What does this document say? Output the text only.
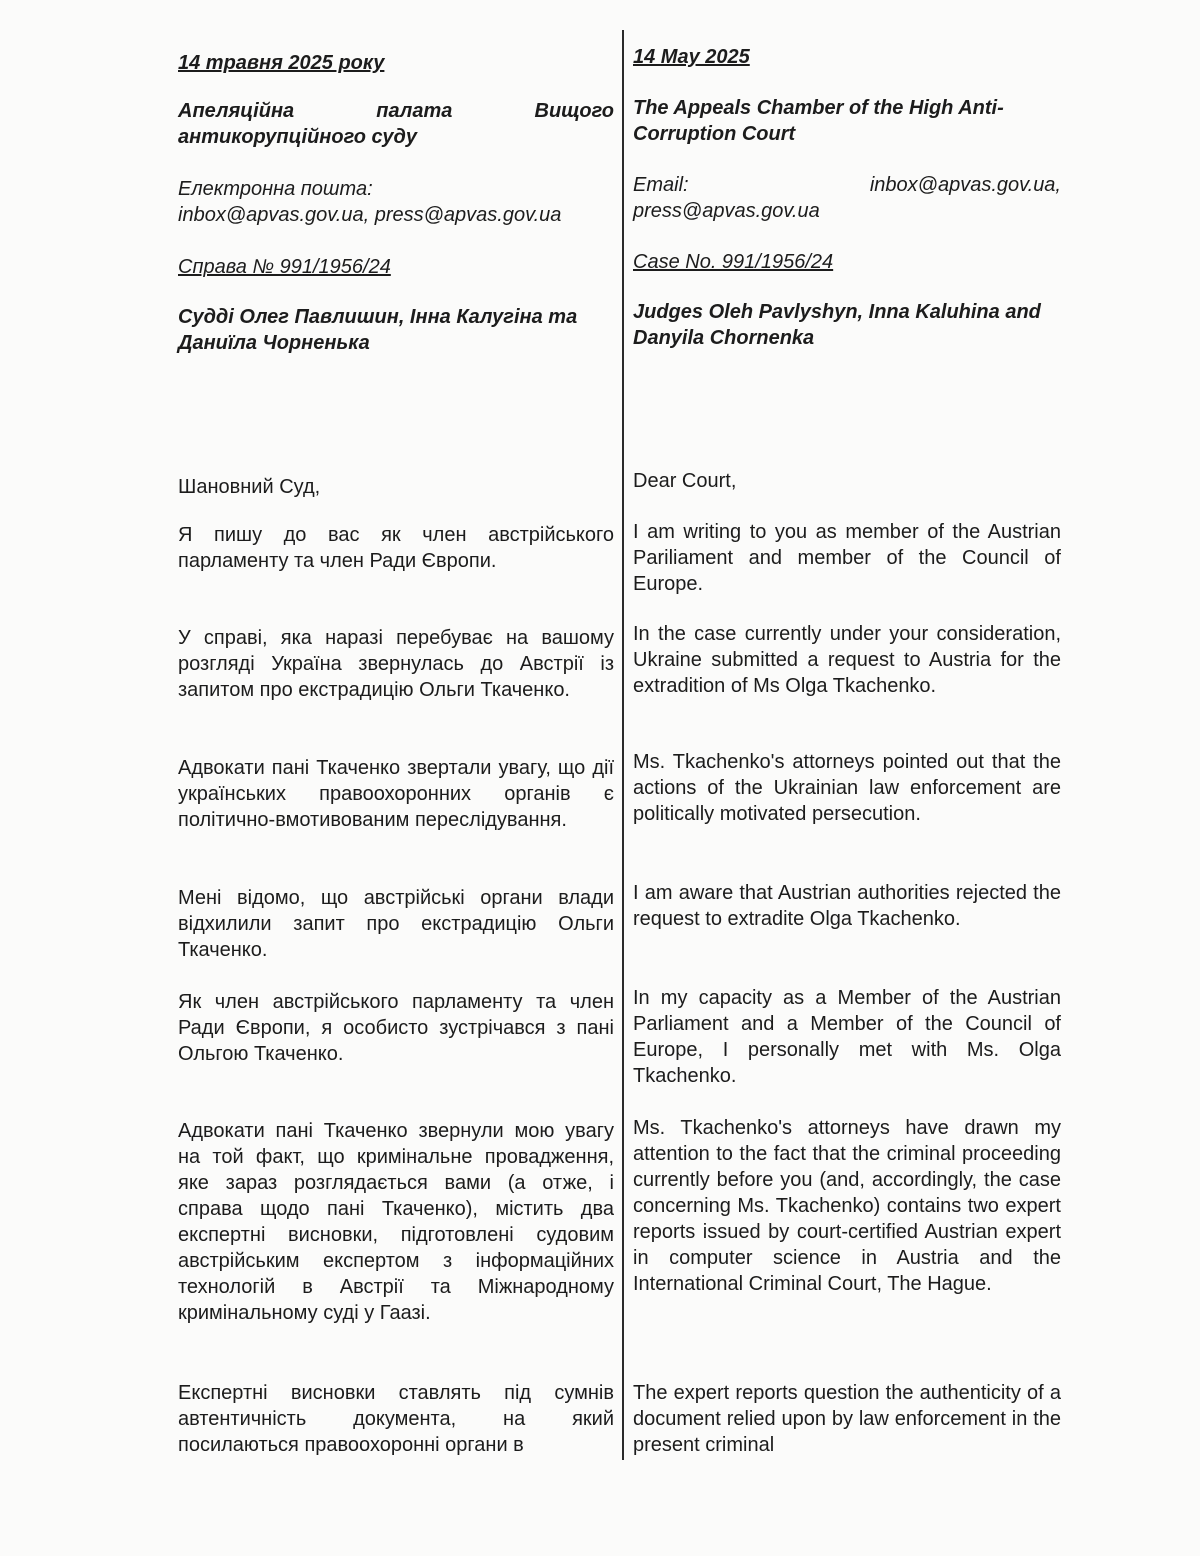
14 травня 2025 року
Апеляційна палата Вищого антикорупційного суду
Електронна пошта:
inbox@apvas.gov.ua, press@apvas.gov.ua
Справа № 991/1956/24
Судді Олег Павлишин, Інна Калугіна та Даниїла Чорненька
Шановний Суд,
Я пишу до вас як член австрійського парламенту та член Ради Європи.
У справі, яка наразі перебуває на вашому розгляді Україна звернулась до Австрії із запитом про екстрадицію Ольги Ткаченко.
Адвокати пані Ткаченко звертали увагу, що дії українських правоохоронних органів є політично-вмотивованим переслідування.
Мені відомо, що австрійські органи влади відхилили запит про екстрадицію Ольги Ткаченко.
Як член австрійського парламенту та член Ради Європи, я особисто зустрічався з пані Ольгою Ткаченко.
Адвокати пані Ткаченко звернули мою увагу на той факт, що кримінальне провадження, яке зараз розглядається вами (а отже, і справа щодо пані Ткаченко), містить два експертні висновки, підготовлені судовим австрійським експертом з інформаційних технологій в Австрії та Міжнародному кримінальному суді у Гаазі.
Експертні висновки ставлять під сумнів автентичність документа, на який посилаються правоохоронні органи в
14 May 2025
The Appeals Chamber of the High Anti-Corruption Court
Email:	inbox@apvas.gov.ua,
press@apvas.gov.ua
Case No. 991/1956/24
Judges Oleh Pavlyshyn, Inna Kaluhina and Danyila Chornenka
Dear Court,
I am writing to you as member of the Austrian Pariliament and member of the Council of Europe.
In the case currently under your consideration, Ukraine submitted a request to Austria for the extradition of Ms Olga Tkachenko.
Ms. Tkachenko's attorneys pointed out that the actions of the Ukrainian law enforcement are politically motivated persecution.
I am aware that Austrian authorities rejected the request to extradite Olga Tkachenko.
In my capacity as a Member of the Austrian Parliament and a Member of the Council of Europe, I personally met with Ms. Olga Tkachenko.
Ms. Tkachenko's attorneys have drawn my attention to the fact that the criminal proceeding currently before you (and, accordingly, the case concerning Ms. Tkachenko) contains two expert reports issued by court-certified Austrian expert in computer science in Austria and the International Criminal Court, The Hague.
The expert reports question the authenticity of a document relied upon by law enforcement in the present criminal
